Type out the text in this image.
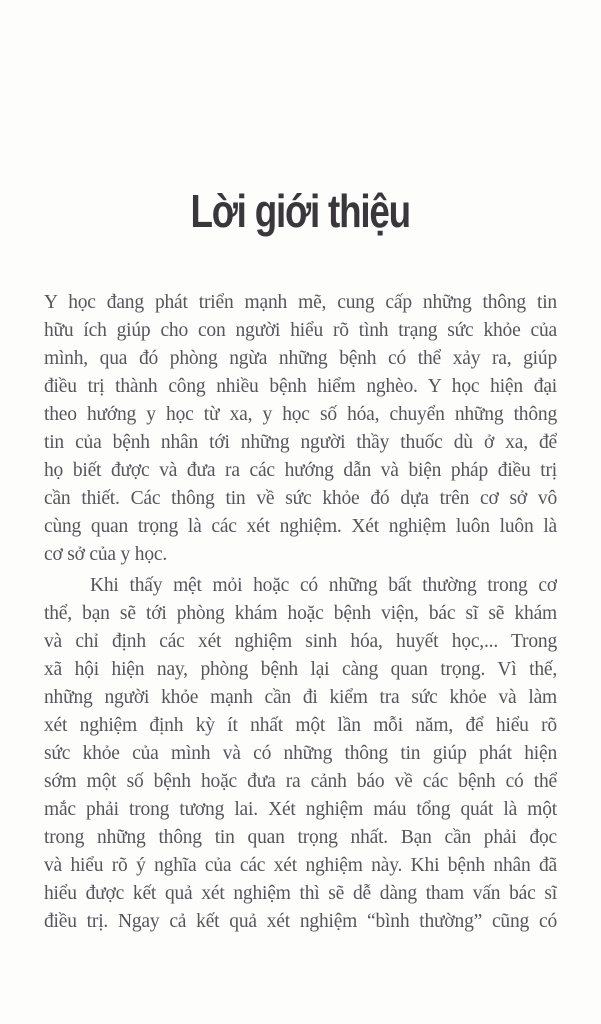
Lời giới thiệu
Y học đang phát triển mạnh mẽ, cung cấp những thông tin
hữu ích giúp cho con người hiểu rõ tình trạng sức khỏe của
mình, qua đó phòng ngừa những bệnh có thể xảy ra, giúp
điều trị thành công nhiều bệnh hiểm nghèo. Y học hiện đại
theo hướng y học từ xa, y học số hóa, chuyển những thông
tin của bệnh nhân tới những người thầy thuốc dù ở xa, để
họ biết được và đưa ra các hướng dẫn và biện pháp điều trị
cần thiết. Các thông tin về sức khỏe đó dựa trên cơ sở vô
cùng quan trọng là các xét nghiệm. Xét nghiệm luôn luôn là
cơ sở của y học.
Khi thấy mệt mỏi hoặc có những bất thường trong cơ
thể, bạn sẽ tới phòng khám hoặc bệnh viện, bác sĩ sẽ khám
và chỉ định các xét nghiệm sinh hóa, huyết học,... Trong
xã hội hiện nay, phòng bệnh lại càng quan trọng. Vì thế,
những người khỏe mạnh cần đi kiểm tra sức khỏe và làm
xét nghiệm định kỳ ít nhất một lần mỗi năm, để hiểu rõ
sức khỏe của mình và có những thông tin giúp phát hiện
sớm một số bệnh hoặc đưa ra cảnh báo về các bệnh có thể
mắc phải trong tương lai. Xét nghiệm máu tổng quát là một
trong những thông tin quan trọng nhất. Bạn cần phải đọc
và hiểu rõ ý nghĩa của các xét nghiệm này. Khi bệnh nhân đã
hiểu được kết quả xét nghiệm thì sẽ dễ dàng tham vấn bác sĩ
điều trị. Ngay cả kết quả xét nghiệm “bình thường” cũng có
